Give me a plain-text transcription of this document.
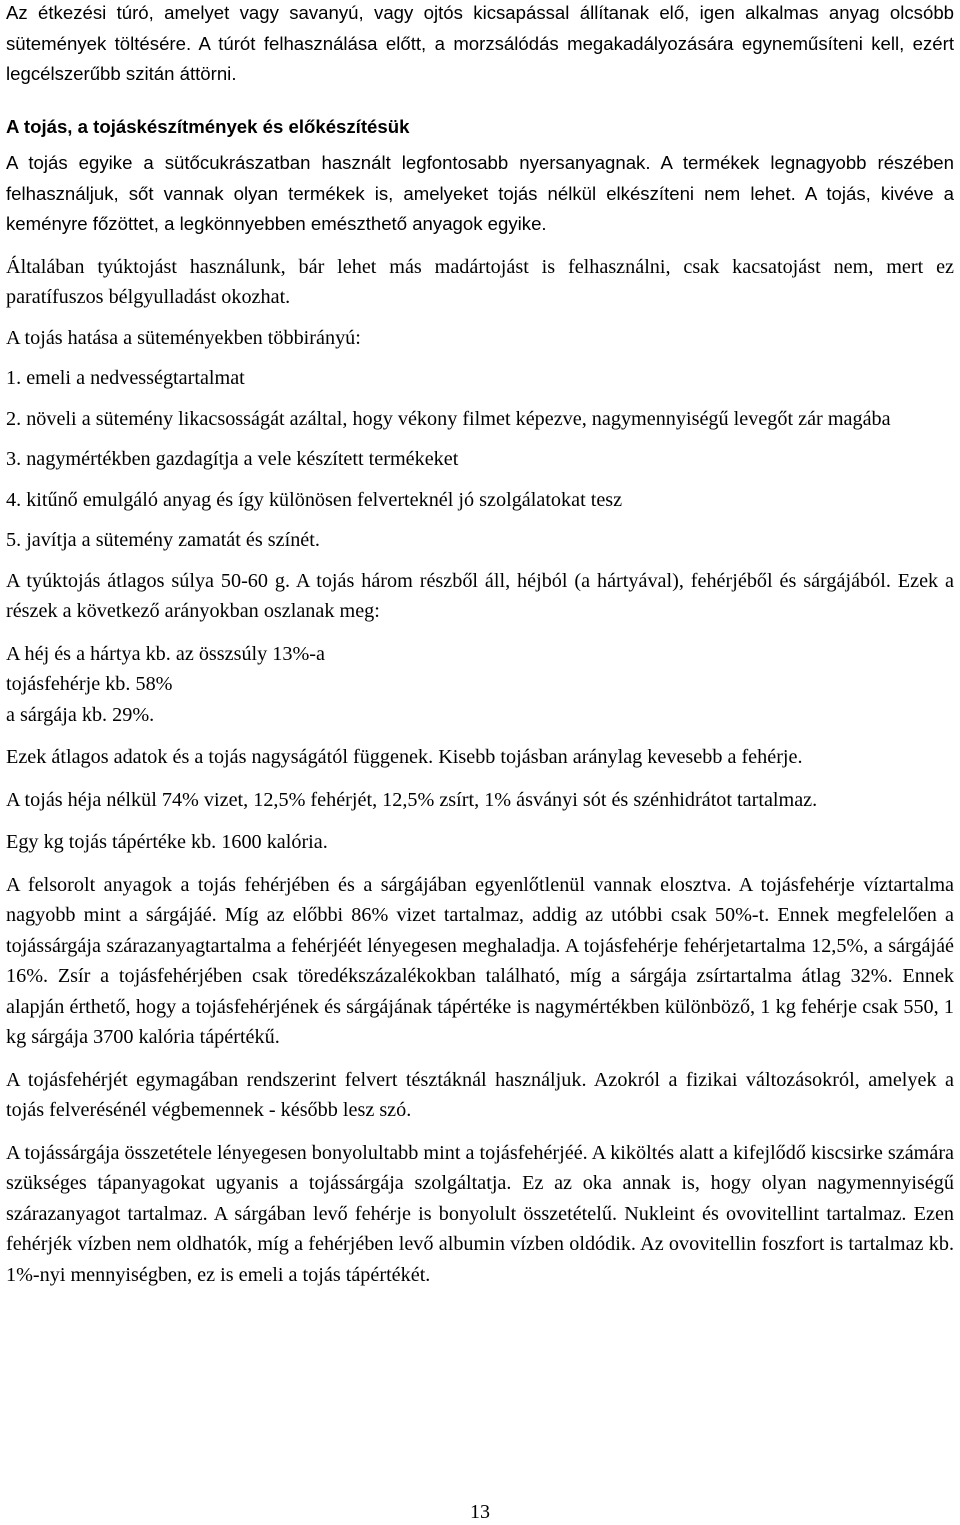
Az étkezési túró, amelyet vagy savanyú, vagy ojtós kicsapással állítanak elő, igen alkalmas anyag olcsóbb sütemények töltésére. A túrót felhasználása előtt, a morzsálódás megakadályozására egyneműsíteni kell, ezért legcélszerűbb szitán áttörni.

A tojás, a tojáskészítmények és előkészítésük

A tojás egyike a sütőcukrászatban használt legfontosabb nyersanyagnak. A termékek legnagyobb részében felhasználjuk, sőt vannak olyan termékek is, amelyeket tojás nélkül elkészíteni nem lehet. A tojás, kivéve a keményre főzöttet, a legkönnyebben emészthető anyagok egyike.

Általában tyúktojást használunk, bár lehet más madártojást is felhasználni, csak kacsatojást nem, mert ez paratífuszos bélgyulladást okozhat.

A tojás hatása a süteményekben többirányú:

1. emeli a nedvességtartalmat

2. növeli a sütemény likacsosságát azáltal, hogy vékony filmet képezve, nagymennyiségű levegőt zár magába

3. nagymértékben gazdagítja a vele készített termékeket

4. kitűnő emulgáló anyag és így különösen felverteknél jó szolgálatokat tesz

5. javítja a sütemény zamatát és színét.

A tyúktojás átlagos súlya 50-60 g. A tojás három részből áll, héjból (a hártyával), fehérjéből és sárgájából. Ezek a részek a következő arányokban oszlanak meg:

A héj és a hártya kb. az összsúly 13%-a

tojásfehérje kb. 58%

a sárgája kb. 29%.

Ezek átlagos adatok és a tojás nagyságától függenek. Kisebb tojásban aránylag kevesebb a fehérje.

A tojás héja nélkül 74% vizet, 12,5% fehérjét, 12,5% zsírt, 1% ásványi sót és szénhidrátot tartalmaz.

Egy kg tojás tápértéke kb. 1600 kalória.

A felsorolt anyagok a tojás fehérjében és a sárgájában egyenlőtlenül vannak elosztva. A tojásfehérje víztartalma nagyobb mint a sárgájáé. Míg az előbbi 86% vizet tartalmaz, addig az utóbbi csak 50%-t. Ennek megfelelően a tojássárgája szárazanyagtartalma a fehérjéét lényegesen meghaladja. A tojásfehérje fehérjetartalma 12,5%, a sárgájáé 16%. Zsír a tojásfehérjében csak töredékszázalékokban található, míg a sárgája zsírtartalma átlag 32%. Ennek alapján érthető, hogy a tojásfehérjének és sárgájának tápértéke is nagymértékben különböző, 1 kg fehérje csak 550, 1 kg sárgája 3700 kalória tápértékű.

A tojásfehérjét egymagában rendszerint felvert tésztáknál használjuk. Azokról a fizikai változásokról, amelyek a tojás felverésénél végbemennek - később lesz szó.

A tojássárgája összetétele lényegesen bonyolultabb mint a tojásfehérjéé. A kiköltés alatt a kifejlődő kiscsirke számára szükséges tápanyagokat ugyanis a tojássárgája szolgáltatja. Ez az oka annak is, hogy olyan nagymennyiségű szárazanyagot tartalmaz. A sárgában levő fehérje is bonyolult összetételű. Nukleint és ovovitellint tartalmaz. Ezen fehérjék vízben nem oldhatók, míg a fehérjében levő albumin vízben oldódik. Az ovovitellin foszfort is tartalmaz kb. 1%-nyi mennyiségben, ez is emeli a tojás tápértékét.

13
